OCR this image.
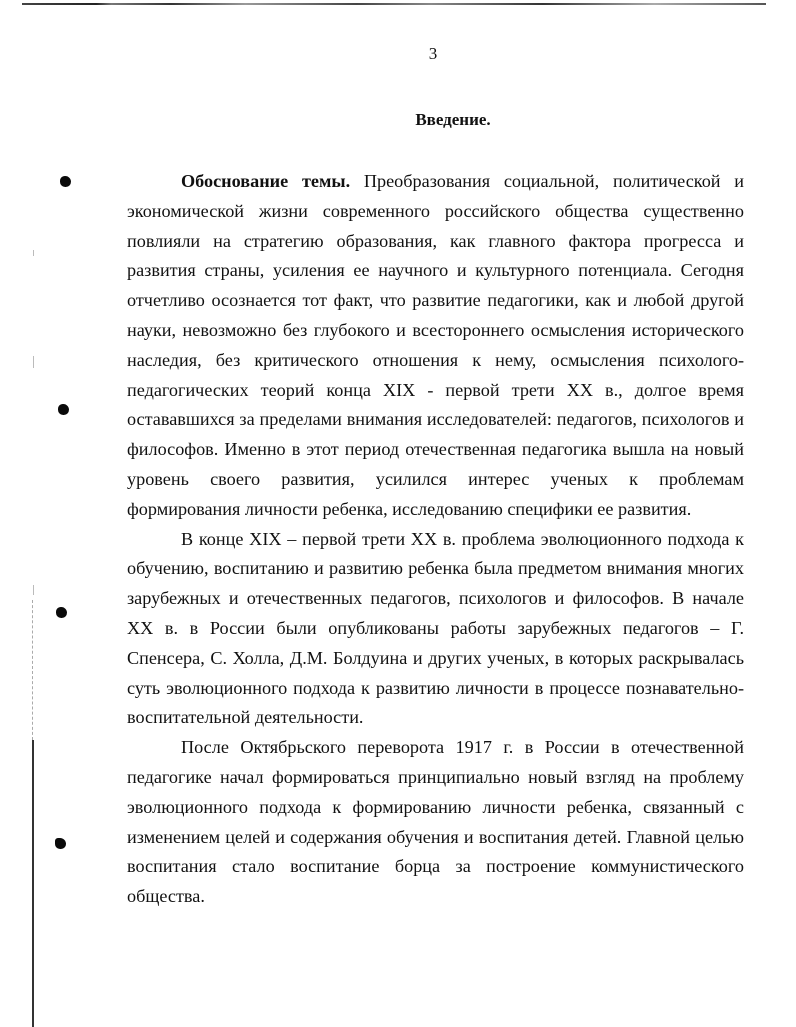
3
Введение.

Обоснование темы. Преобразования социальной, политической и экономической жизни современного российского общества существенно повлияли на стратегию образования, как главного фактора прогресса и развития страны, усиления ее научного и культурного потенциала. Сегодня отчетливо осознается тот факт, что развитие педагогики, как и любой другой науки, невозможно без глубокого и всестороннего осмысления исторического наследия, без критического отношения к нему, осмысления психолого-педагогических теорий конца XIX - первой трети XX в., долгое время остававшихся за пределами внимания исследователей: педагогов, психологов и философов. Именно в этот период отечественная педагогика вышла на новый уровень своего развития, усилился интерес ученых к проблемам формирования личности ребенка, исследованию специфики ее развития.

В конце XIX – первой трети XX в. проблема эволюционного подхода к обучению, воспитанию и развитию ребенка была предметом внимания многих зарубежных и отечественных педагогов, психологов и философов. В начале XX в. в России были опубликованы работы зарубежных педагогов – Г. Спенсера, С. Холла, Д.М. Болдуина и других ученых, в которых раскрывалась суть эволюционного подхода к развитию личности в процессе познавательно-воспитательной деятельности.

После Октябрьского переворота 1917 г. в России в отечественной педагогике начал формироваться принципиально новый взгляд на проблему эволюционного подхода к формированию личности ребенка, связанный с изменением целей и содержания обучения и воспитания детей. Главной целью воспитания стало воспитание борца за построение коммунистического общества.
